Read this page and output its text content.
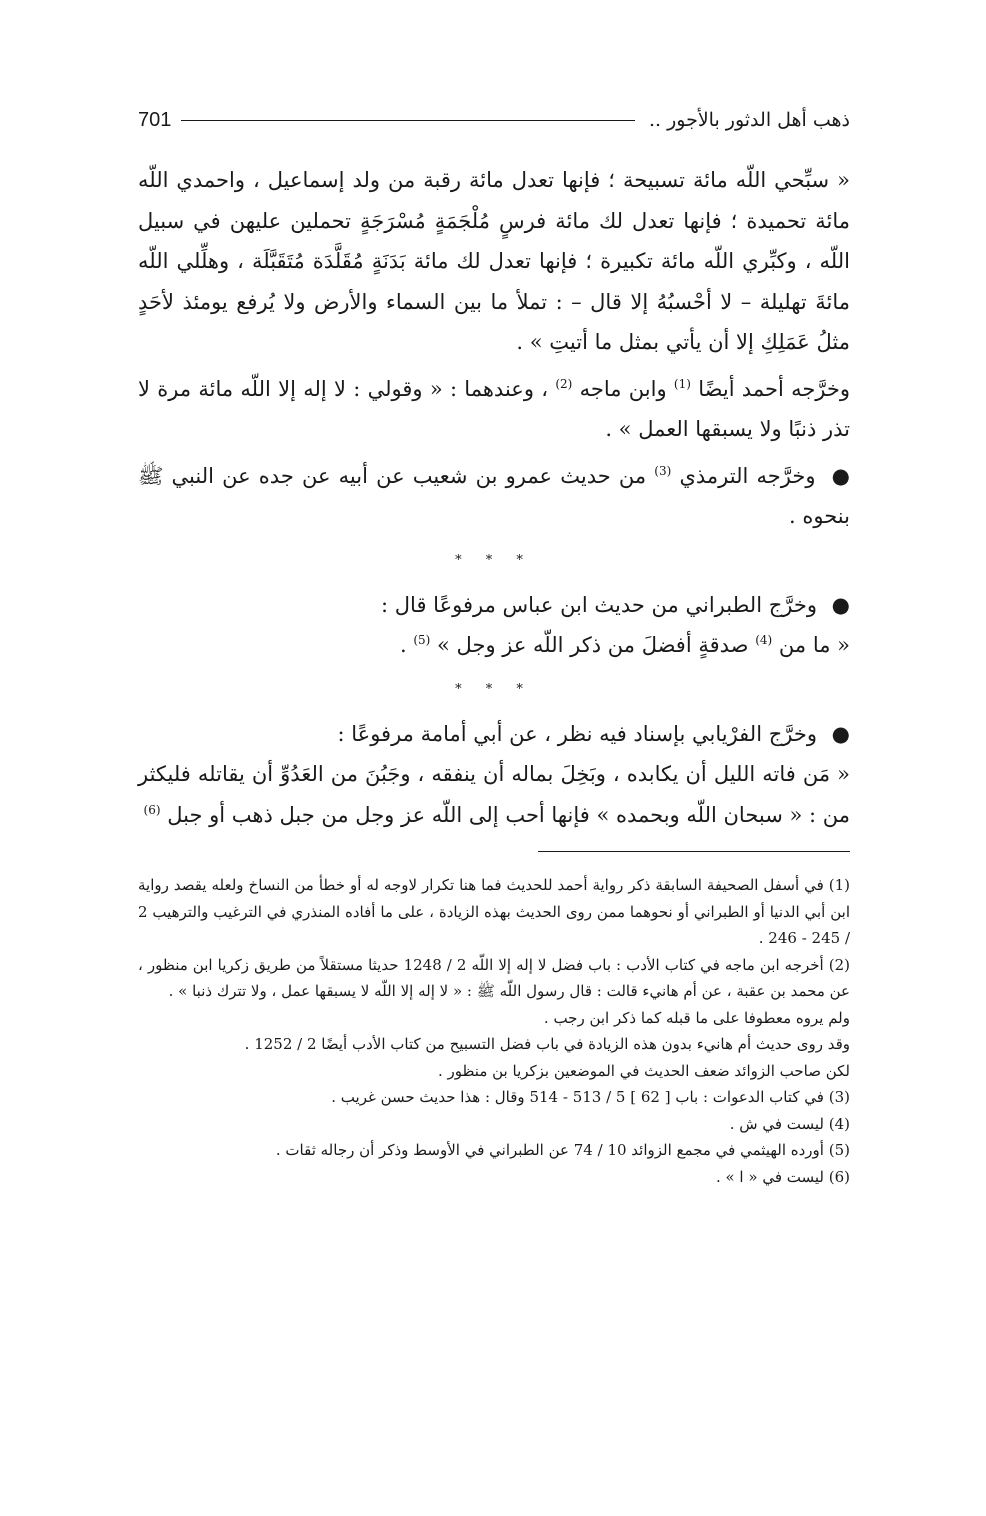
ذهب أهل الدثور بالأجور ..
701

« سبِّحي اللّه مائة تسبيحة ؛ فإنها تعدل مائة رقبة من ولد إسماعيل ، واحمدي اللّه مائة تحميدة ؛ فإنها تعدل لك مائة فرسٍ مُلْجَمَةٍ مُسْرَجَةٍ تحملين عليهن في سبيل اللّه ، وكبِّري اللّه مائة تكبيرة ؛ فإنها تعدل لك مائة بَدَنَةٍ مُقَلَّدَة مُتَقَبَّلَة ، وهلِّلي اللّه مائةَ تهليلة – لا أحْسبُهُ إلا قال – : تملأ ما بين السماء والأرض ولا يُرفع يومئذ لأحَدٍ مثلُ عَمَلِكِ إلا أن يأتي بمثل ما أتيتِ » .

وخرَّجه أحمد أيضًا $^{(1)}$ وابن ماجه $^{(2)}$ ، وعندهما : « وقولي : لا إله إلا اللّه مائة مرة لا تذر ذنبًا ولا يسبقها العمل » .

● وخرَّجه الترمذي $^{(3)}$ من حديث عمرو بن شعيب عن أبيه عن جده عن النبي ﷺ بنحوه .

* * *

● وخرَّج الطبراني من حديث ابن عباس مرفوعًا قال :

« ما من $^{(4)}$ صدقةٍ أفضلَ من ذكر اللّه عز وجل » $^{(5)}$ .

* * *

● وخرَّج الفرْيابي بإسناد فيه نظر ، عن أبي أمامة مرفوعًا :

« مَن فاته الليل أن يكابده ، وبَخِلَ بماله أن ينفقه ، وجَبُنَ من العَدُوِّ أن يقاتله فليكثر من : « سبحان اللّه وبحمده » فإنها أحب إلى اللّه عز وجل من جبل ذهب أو جبل $^{(6)}$

(1) في أسفل الصحيفة السابقة ذكر رواية أحمد للحديث فما هنا تكرار لاوجه له أو خطأ من النساخ ولعله يقصد رواية ابن أبي الدنيا أو الطبراني أو نحوهما ممن روى الحديث بهذه الزيادة ، على ما أفاده المنذري في الترغيب والترهيب 2 / 245 - 246 .

(2) أخرجه ابن ماجه في كتاب الأدب : باب فضل لا إله إلا اللّه 2 / 1248 حديثا مستقلاً من طريق زكريا ابن منظور ، عن محمد بن عقبة ، عن أم هانيء قالت : قال رسول اللّه ﷺ : « لا إله إلا اللّه لا يسبقها عمل ، ولا تترك ذنبا » .

ولم يروه معطوفا على ما قبله كما ذكر ابن رجب .

وقد روى حديث أم هانيء بدون هذه الزيادة في باب فضل التسبيح من كتاب الأدب أيضًا 2 / 1252 .

لكن صاحب الزوائد ضعف الحديث في الموضعين بزكريا بن منظور .

(3) في كتاب الدعوات : باب [ 62 ] 5 / 513 - 514 وقال : هذا حديث حسن غريب .

(4) ليست في ش .

(5) أورده الهيثمي في مجمع الزوائد 10 / 74 عن الطبراني في الأوسط وذكر أن رجاله ثقات .

(6) ليست في « ا » .
